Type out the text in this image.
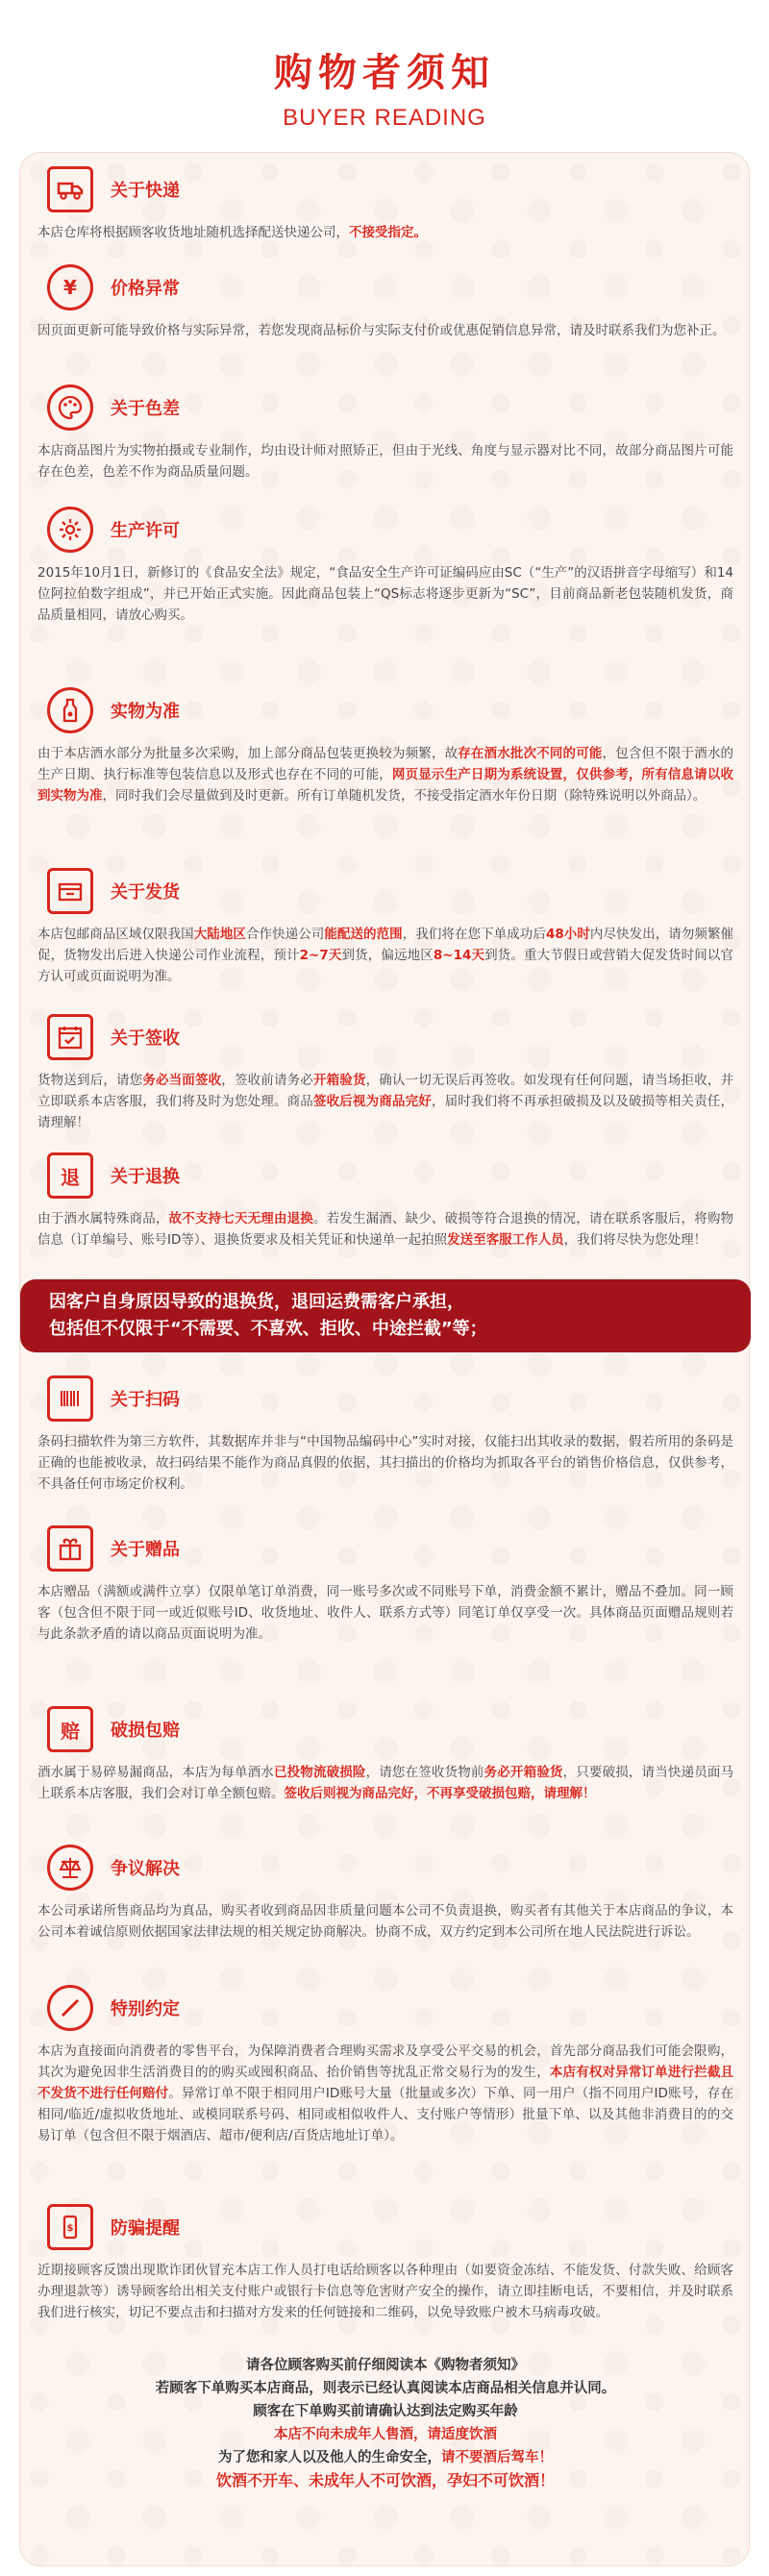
购物者须知
BUYER READING
关于快递
本店仓库将根据顾客收货地址随机选择配送快递公司，不接受指定。
¥	价格异常
因页面更新可能导致价格与实际异常，若您发现商品标价与实际支付价或优惠促销信息异常，请及时联系我们为您补正。
关于色差
本店商品图片为实物拍摄或专业制作，均由设计师对照矫正，但由于光线、角度与显示器对比不同，故部分商品图片可能存在色差，色差不作为商品质量问题。
生产许可
2015年10月1日，新修订的《食品安全法》规定，“食品安全生产许可证编码应由SC（“生产”的汉语拼音字母缩写）和14位阿拉伯数字组成”，并已开始正式实施。因此商品包装上“QS标志将逐步更新为“SC”，目前商品新老包装随机发货，商品质量相同，请放心购买。
实物为准
由于本店酒水部分为批量多次采购，加上部分商品包装更换较为频繁，故存在酒水批次不同的可能，包含但不限于酒水的生产日期、执行标准等包装信息以及形式也存在不同的可能，网页显示生产日期为系统设置，仅供参考，所有信息请以收到实物为准，同时我们会尽量做到及时更新。所有订单随机发货，不接受指定酒水年份日期（除特殊说明以外商品）。
关于发货
本店包邮商品区域仅限我国大陆地区合作快递公司能配送的范围，我们将在您下单成功后48小时内尽快发出，请勿频繁催促，货物发出后进入快递公司作业流程，预计2~7天到货，偏远地区8~14天到货。重大节假日或营销大促发货时间以官方认可或页面说明为准。
关于签收
货物送到后，请您务必当面签收，签收前请务必开箱验货，确认一切无误后再签收。如发现有任何问题，请当场拒收，并立即联系本店客服，我们将及时为您处理。商品签收后视为商品完好，届时我们将不再承担破损及以及破损等相关责任，请理解！
退	关于退换
由于酒水属特殊商品，故不支持七天无理由退换。若发生漏酒、缺少、破损等符合退换的情况，请在联系客服后，将购物信息（订单编号、账号ID等）、退换货要求及相关凭证和快递单一起拍照发送至客服工作人员，我们将尽快为您处理！
因客户自身原因导致的退换货，退回运费需客户承担，
包括但不仅限于“不需要、不喜欢、拒收、中途拦截”等；
关于扫码
条码扫描软件为第三方软件，其数据库并非与“中国物品编码中心”实时对接，仅能扫出其收录的数据，假若所用的条码是正确的也能被收录，故扫码结果不能作为商品真假的依据，其扫描出的价格均为抓取各平台的销售价格信息，仅供参考，不具备任何市场定价权利。
关于赠品
本店赠品（满额或满件立享）仅限单笔订单消费，同一账号多次或不同账号下单，消费金额不累计，赠品不叠加。同一顾客（包含但不限于同一或近似账号ID、收货地址、收件人、联系方式等）同笔订单仅享受一次。具体商品页面赠品规则若与此条款矛盾的请以商品页面说明为准。
赔	破损包赔
酒水属于易碎易漏商品，本店为每单酒水已投物流破损险，请您在签收货物前务必开箱验货，只要破损，请当快递员面马上联系本店客服，我们会对订单全额包赔。签收后则视为商品完好，不再享受破损包赔，请理解！
争议解决
本公司承诺所售商品均为真品，购买者收到商品因非质量问题本公司不负责退换，购买者有其他关于本店商品的争议，本公司本着诚信原则依据国家法律法规的相关规定协商解决。协商不成，双方约定到本公司所在地人民法院进行诉讼。
特别约定
本店为直接面向消费者的零售平台，为保障消费者合理购买需求及享受公平交易的机会，首先部分商品我们可能会限购，其次为避免因非生活消费目的的购买或囤积商品、抬价销售等扰乱正常交易行为的发生，本店有权对异常订单进行拦截且不发货不进行任何赔付。异常订单不限于相同用户ID账号大量（批量或多次）下单、同一用户（指不同用户ID账号，存在相同/临近/虚拟收货地址、或模同联系号码、相同或相似收件人、支付账户等情形）批量下单、以及其他非消费目的的交易订单（包含但不限于烟酒店、超市/便利店/百货店地址订单）。
$ 防骗提醒
近期接顾客反馈出现欺诈团伙冒充本店工作人员打电话给顾客以各种理由（如要资金冻结、不能发货、付款失败、给顾客办理退款等）诱导顾客给出相关支付账户或银行卡信息等危害财产安全的操作，请立即挂断电话，不要相信，并及时联系我们进行核实，切记不要点击和扫描对方发来的任何链接和二维码，以免导致账户被木马病毒攻破。
请各位顾客购买前仔细阅读本《购物者须知》
若顾客下单购买本店商品，则表示已经认真阅读本店商品相关信息并认同。
顾客在下单购买前请确认达到法定购买年龄
本店不向未成年人售酒，请适度饮酒
为了您和家人以及他人的生命安全，请不要酒后驾车！
饮酒不开车、未成年人不可饮酒，孕妇不可饮酒！
